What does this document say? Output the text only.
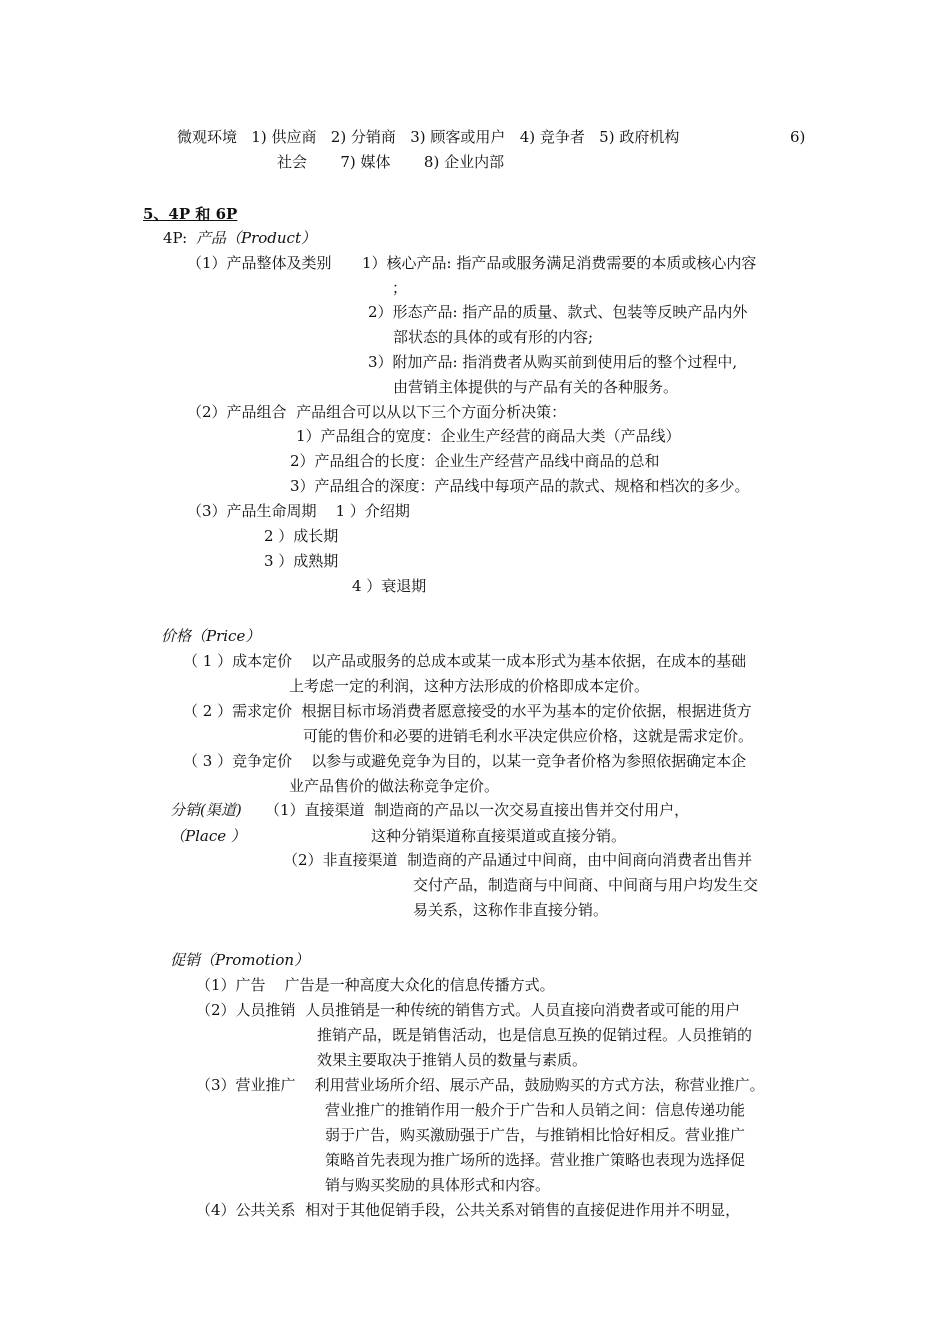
微观环境   1) 供应商   2) 分销商   3) 顾客或用户   4) 竞争者   5) 政府机构	6)
社会       7) 媒体       8) 企业内部
5、4P 和 6P
4P: 产品（Product）
（1）产品整体及类别 1）核心产品: 指产品或服务满足消费需要的本质或核心内容
；
2）形态产品: 指产品的质量、款式、包装等反映产品内外
部状态的具体的或有形的内容;
3）附加产品: 指消费者从购买前到使用后的整个过程中,
由营销主体提供的与产品有关的各种服务。
（2）产品组合  产品组合可以从以下三个方面分析决策：
1）产品组合的宽度：企业生产经营的商品大类（产品线）
2）产品组合的长度：企业生产经营产品线中商品的总和
3）产品组合的深度：产品线中每项产品的款式、规格和档次的多少。
（3）产品生命周期    1 ）介绍期
2 ）成长期
3 ）成熟期
4 ）衰退期
价格（Price）
（ 1 ）成本定价    以产品或服务的总成本或某一成本形式为基本依据，在成本的基础
上考虑一定的利润，这种方法形成的价格即成本定价。
（ 2 ）需求定价  根据目标市场消费者愿意接受的水平为基本的定价依据，根据进货方
可能的售价和必要的进销毛利水平决定供应价格，这就是需求定价。
（ 3 ）竞争定价    以参与或避免竞争为目的，以某一竞争者价格为参照依据确定本企
业产品售价的做法称竞争定价。
分销(渠道)
（Place ）
（1）直接渠道  制造商的产品以一次交易直接出售并交付用户，
这种分销渠道称直接渠道或直接分销。
（2）非直接渠道  制造商的产品通过中间商，由中间商向消费者出售并
交付产品，制造商与中间商、中间商与用户均发生交
易关系，这称作非直接分销。
促销（Promotion）
（1）广告    广告是一种高度大众化的信息传播方式。
（2）人员推销  人员推销是一种传统的销售方式。人员直接向消费者或可能的用户
推销产品，既是销售活动，也是信息互换的促销过程。人员推销的
效果主要取决于推销人员的数量与素质。
（3）营业推广    利用营业场所介绍、展示产品，鼓励购买的方式方法，称营业推广。
营业推广的推销作用一般介于广告和人员销之间：信息传递功能
弱于广告，购买激励强于广告，与推销相比恰好相反。营业推广
策略首先表现为推广场所的选择。营业推广策略也表现为选择促
销与购买奖励的具体形式和内容。
（4）公共关系  相对于其他促销手段，公共关系对销售的直接促进作用并不明显，
